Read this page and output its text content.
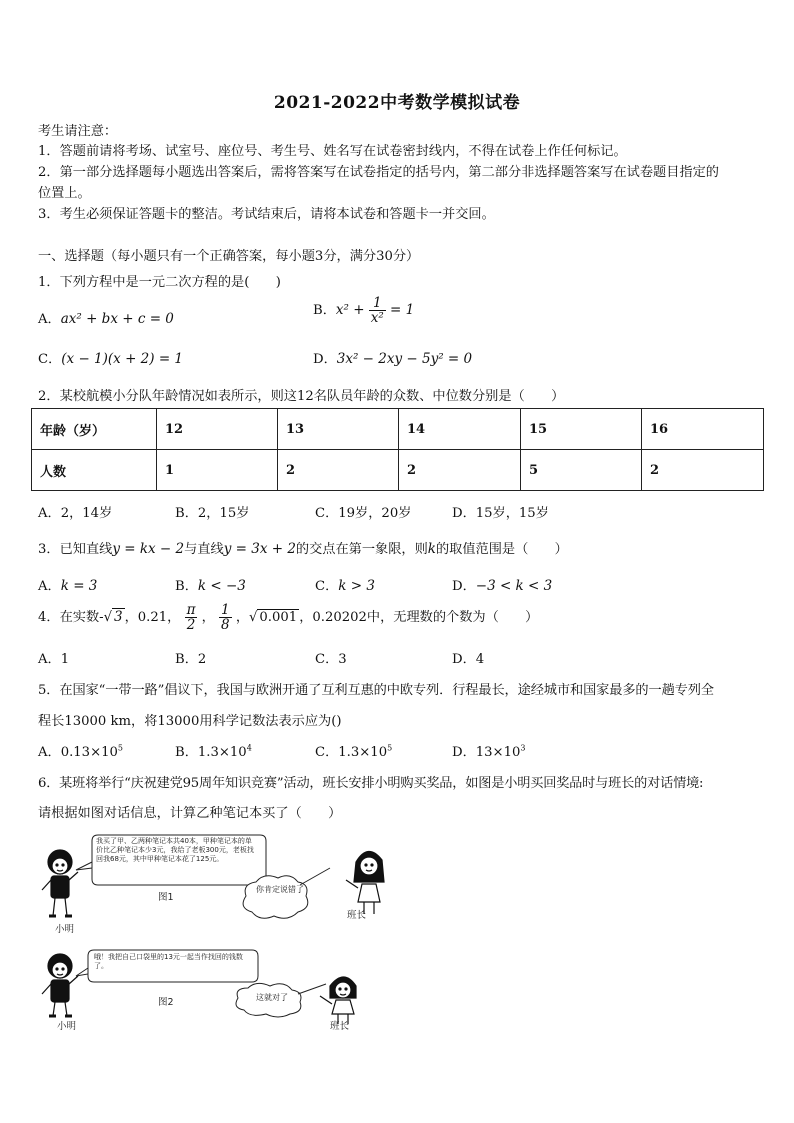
2021-2022中考数学模拟试卷
考生请注意：
1．答题前请将考场、试室号、座位号、考生号、姓名写在试卷密封线内，不得在试卷上作任何标记。
2．第一部分选择题每小题选出答案后，需将答案写在试卷指定的括号内，第二部分非选择题答案写在试卷题目指定的
位置上。
3．考生必须保证答题卡的整洁。考试结束后，请将本试卷和答题卡一并交回。
一、选择题（每小题只有一个正确答案，每小题3分，满分30分）
1．下列方程中是一元二次方程的是(　　)
A．ax² + bx + c = 0
B．$x^2 + \frac{1}{\text{x²}} = 1$
C．(x − 1)(x + 2) = 1	D．3x² − 2xy − 5y² = 0
2．某校航模小分队年龄情况如表所示，则这12名队员年龄的众数、中位数分别是（　　）
年龄（岁）	12	13	14	15	16
人数	1	2	2	5	2
A．2，14岁	B．2，15岁	C．19岁，20岁	D．15岁，15岁
3．已知直线y = kx − 2与直线y = 3x + 2的交点在第一象限，则k的取值范围是（　　）
A．k = 3	B．k < −3	C．k > 3	D．−3 < k < 3
4．在实数-√ 3 ，0.21， $\frac{\pi}{2}$ ， $\frac{1}{8}$ ，√ 0.001 ，0.20202中，无理数的个数为（　　）
A．1	B．2	C．3	D．4
5．在国家“一带一路”倡议下，我国与欧洲开通了互利互惠的中欧专列．行程最长，途经城市和国家最多的一趟专列全
程长13000 km，将13000用科学记数法表示应为()
A．$0.13\times 10^5$	B．$1.3\times 10^4$	C．$1.3\times 10^5$	D．$13\times 10^3$
6．某班将举行“庆祝建党95周年知识竞赛”活动，班长安排小明购买奖品，如图是小明买回奖品时与班长的对话情境:
请根据如图对话信息，计算乙种笔记本买了（　　）
我买了甲、乙两种笔记本共40本，甲种笔记本的单价比乙种笔记本少3元，我给了老板300元，老板找回我68元，其中甲种笔记本花了125元。
你肯定说错了
图1
小明
班长
哦！我把自己口袋里的13元一起当作找回的钱数了。
这就对了
图2
小明	班长
